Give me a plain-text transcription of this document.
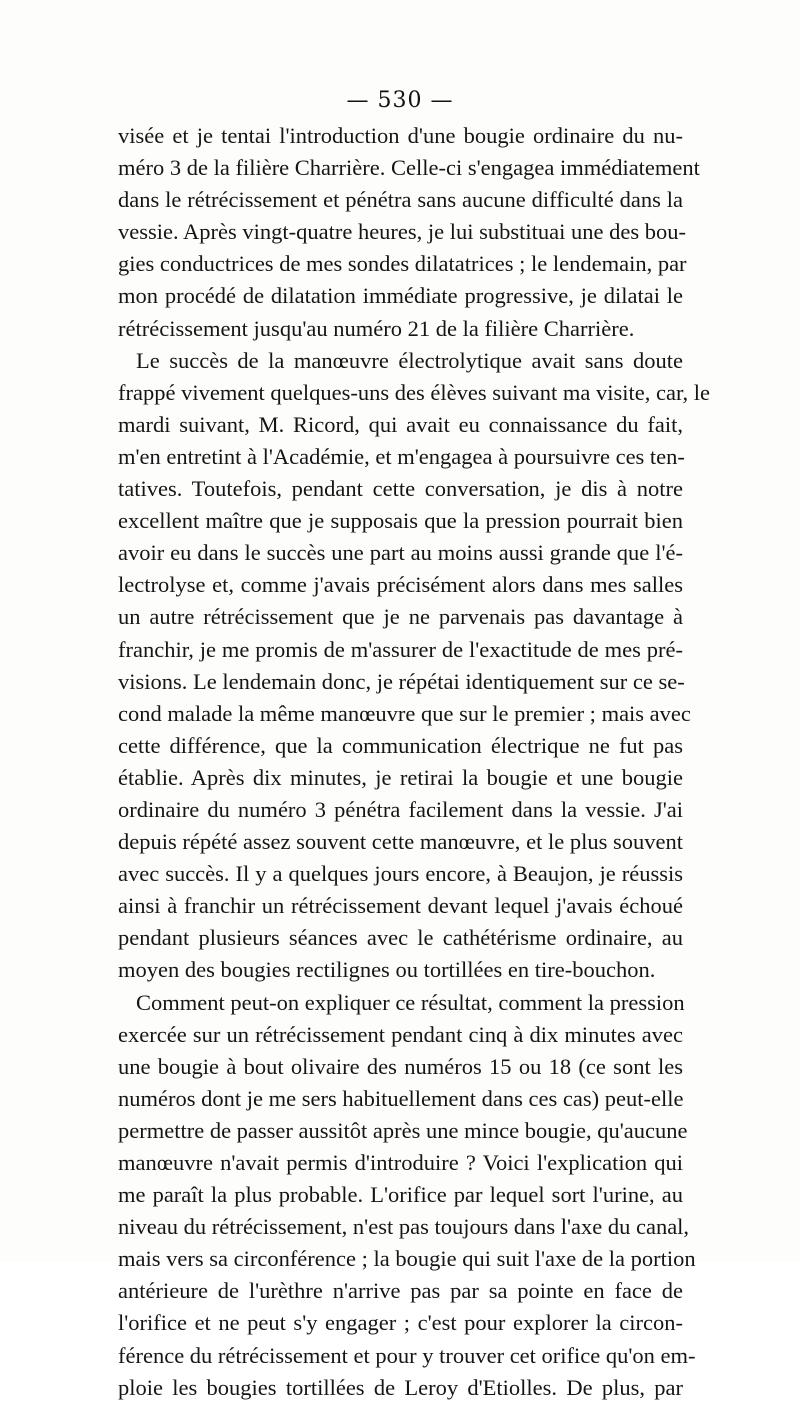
— 530 —
visée et je tentai l'introduction d'une bougie ordinaire du nu-
méro 3 de la filière Charrière. Celle-ci s'engagea immédiatement
dans le rétrécissement et pénétra sans aucune difficulté dans la
vessie. Après vingt-quatre heures, je lui substituai une des bou-
gies conductrices de mes sondes dilatatrices ; le lendemain, par
mon procédé de dilatation immédiate progressive, je dilatai le
rétrécissement jusqu'au numéro 21 de la filière Charrière.
Le succès de la manœuvre électrolytique avait sans doute
frappé vivement quelques-uns des élèves suivant ma visite, car, le
mardi suivant, M. Ricord, qui avait eu connaissance du fait,
m'en entretint à l'Académie, et m'engagea à poursuivre ces ten-
tatives. Toutefois, pendant cette conversation, je dis à notre
excellent maître que je supposais que la pression pourrait bien
avoir eu dans le succès une part au moins aussi grande que l'é-
lectrolyse et, comme j'avais précisément alors dans mes salles
un autre rétrécissement que je ne parvenais pas davantage à
franchir, je me promis de m'assurer de l'exactitude de mes pré-
visions. Le lendemain donc, je répétai identiquement sur ce se-
cond malade la même manœuvre que sur le premier ; mais avec
cette différence, que la communication électrique ne fut pas
établie. Après dix minutes, je retirai la bougie et une bougie
ordinaire du numéro 3 pénétra facilement dans la vessie. J'ai
depuis répété assez souvent cette manœuvre, et le plus souvent
avec succès. Il y a quelques jours encore, à Beaujon, je réussis
ainsi à franchir un rétrécissement devant lequel j'avais échoué
pendant plusieurs séances avec le cathétérisme ordinaire, au
moyen des bougies rectilignes ou tortillées en tire-bouchon.
Comment peut-on expliquer ce résultat, comment la pression
exercée sur un rétrécissement pendant cinq à dix minutes avec
une bougie à bout olivaire des numéros 15 ou 18 (ce sont les
numéros dont je me sers habituellement dans ces cas) peut-elle
permettre de passer aussitôt après une mince bougie, qu'aucune
manœuvre n'avait permis d'introduire ? Voici l'explication qui
me paraît la plus probable. L'orifice par lequel sort l'urine, au
niveau du rétrécissement, n'est pas toujours dans l'axe du canal,
mais vers sa circonférence ; la bougie qui suit l'axe de la portion
antérieure de l'urèthre n'arrive pas par sa pointe en face de
l'orifice et ne peut s'y engager ; c'est pour explorer la circon-
férence du rétrécissement et pour y trouver cet orifice qu'on em-
ploie les bougies tortillées de Leroy d'Etiolles. De plus, par
